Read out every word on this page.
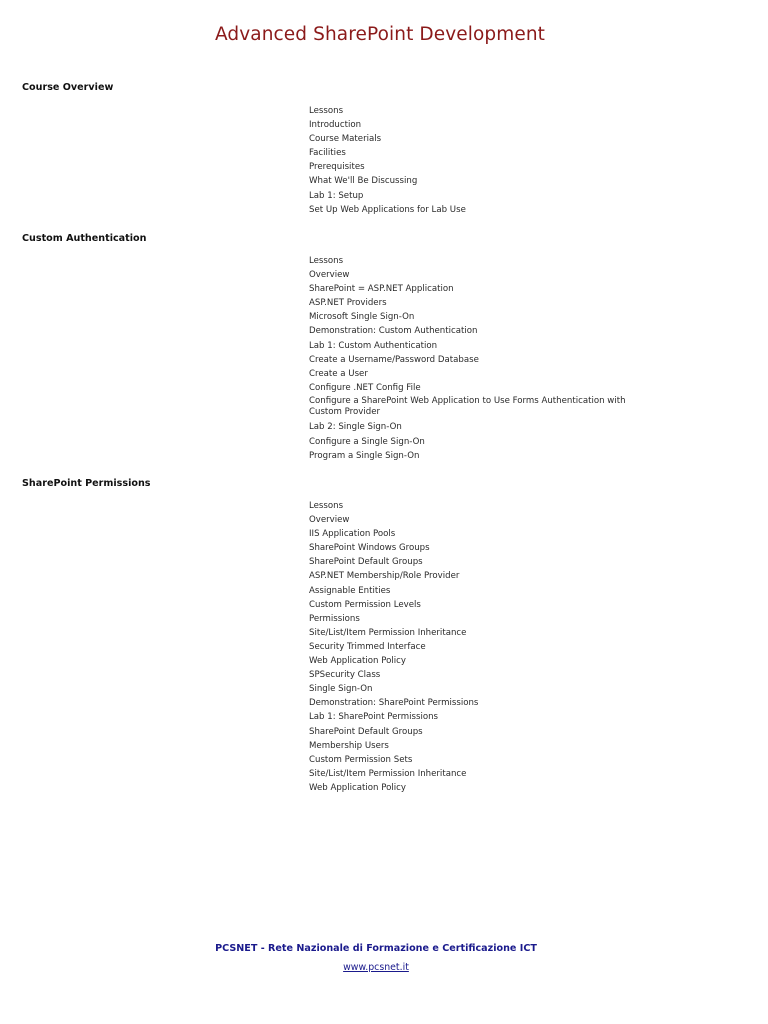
Advanced SharePoint Development
Course Overview
Lessons
Introduction
Course Materials
Facilities
Prerequisites
What We'll Be Discussing
Lab 1: Setup
Set Up Web Applications for Lab Use
Custom Authentication
Lessons
Overview
SharePoint = ASP.NET Application
ASP.NET Providers
Microsoft Single Sign-On
Demonstration: Custom Authentication
Lab 1: Custom Authentication
Create a Username/Password Database
Create a User
Configure .NET Config File
Configure a SharePoint Web Application to Use Forms Authentication with Custom Provider
Lab 2: Single Sign-On
Configure a Single Sign-On
Program a Single Sign-On
SharePoint Permissions
Lessons
Overview
IIS Application Pools
SharePoint Windows Groups
SharePoint Default Groups
ASP.NET Membership/Role Provider
Assignable Entities
Custom Permission Levels
Permissions
Site/List/Item Permission Inheritance
Security Trimmed Interface
Web Application Policy
SPSecurity Class
Single Sign-On
Demonstration: SharePoint Permissions
Lab 1: SharePoint Permissions
SharePoint Default Groups
Membership Users
Custom Permission Sets
Site/List/Item Permission Inheritance
Web Application Policy
PCSNET - Rete Nazionale di Formazione e Certificazione ICT
www.pcsnet.it
